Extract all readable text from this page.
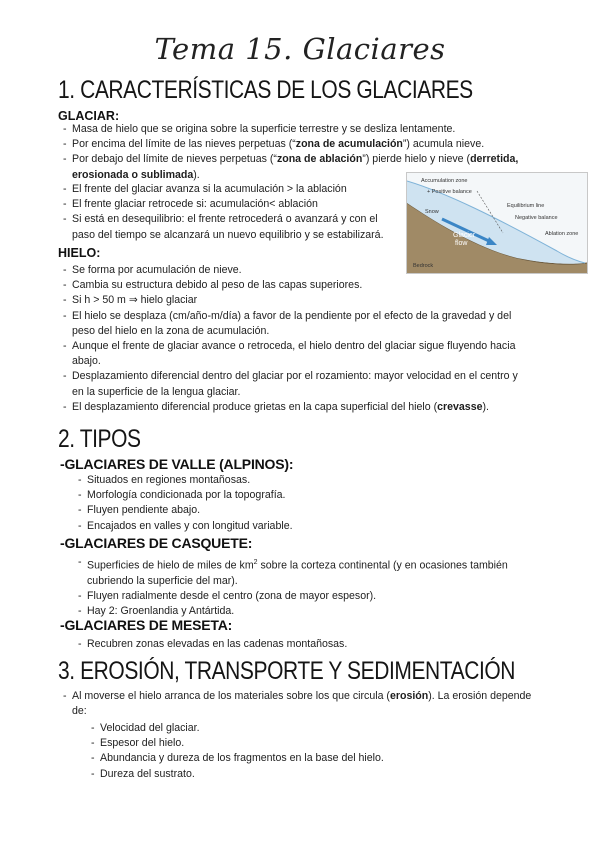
Tema 15. Glaciares
1. CARACTERÍSTICAS DE LOS GLACIARES
GLACIAR:
- Masa de hielo que se origina sobre la superficie terrestre y se desliza lentamente.
- Por encima del límite de las nieves perpetuas (“zona de acumulación”) acumula nieve.
- Por debajo del límite de nieves perpetuas (“zona de ablación”) pierde hielo y nieve (derretida, erosionada o sublimada).
- El frente del glaciar avanza si la acumulación > la ablación
- El frente glaciar retrocede si: acumulación< ablación
- Si está en desequilibrio: el frente retrocederá o avanzará y con el paso del tiempo se alcanzará un nuevo equilibrio y se estabilizará.
Accumulation zone
+ Positive balance
Equilibrium line
Negative balance
Ablation zone
Snow
Glacier
flow
Bedrock
HIELO:
- Se forma por acumulación de nieve.
- Cambia su estructura debido al peso de las capas superiores.
- Si h > 50 m ⇒ hielo glaciar
- El hielo se desplaza (cm/año-m/día) a favor de la pendiente por el efecto de la gravedad y del peso del hielo en la zona de acumulación.
- Aunque el frente de glaciar avance o retroceda, el hielo dentro del glaciar sigue fluyendo hacia abajo.
- Desplazamiento diferencial dentro del glaciar por el rozamiento: mayor velocidad en el centro y en la superficie de la lengua glaciar.
- El desplazamiento diferencial produce grietas en la capa superficial del hielo (crevasse).
2. TIPOS
-GLACIARES DE VALLE (ALPINOS):
- Situados en regiones montañosas.
- Morfología condicionada por la topografía.
- Fluyen pendiente abajo.
- Encajados en valles y con longitud variable.
-GLACIARES DE CASQUETE:
- Superficies de hielo de miles de $km^2$ sobre la corteza continental (y en ocasiones también cubriendo la superficie del mar).
- Fluyen radialmente desde el centro (zona de mayor espesor).
- Hay 2: Groenlandia y Antártida.
-GLACIARES DE MESETA:
- Recubren zonas elevadas en las cadenas montañosas.
3. EROSIÓN, TRANSPORTE Y SEDIMENTACIÓN
- Al moverse el hielo arranca de los materiales sobre los que circula (erosión). La erosión depende de:
- Velocidad del glaciar.
- Espesor del hielo.
- Abundancia y dureza de los fragmentos en la base del hielo.
- Dureza del sustrato.
